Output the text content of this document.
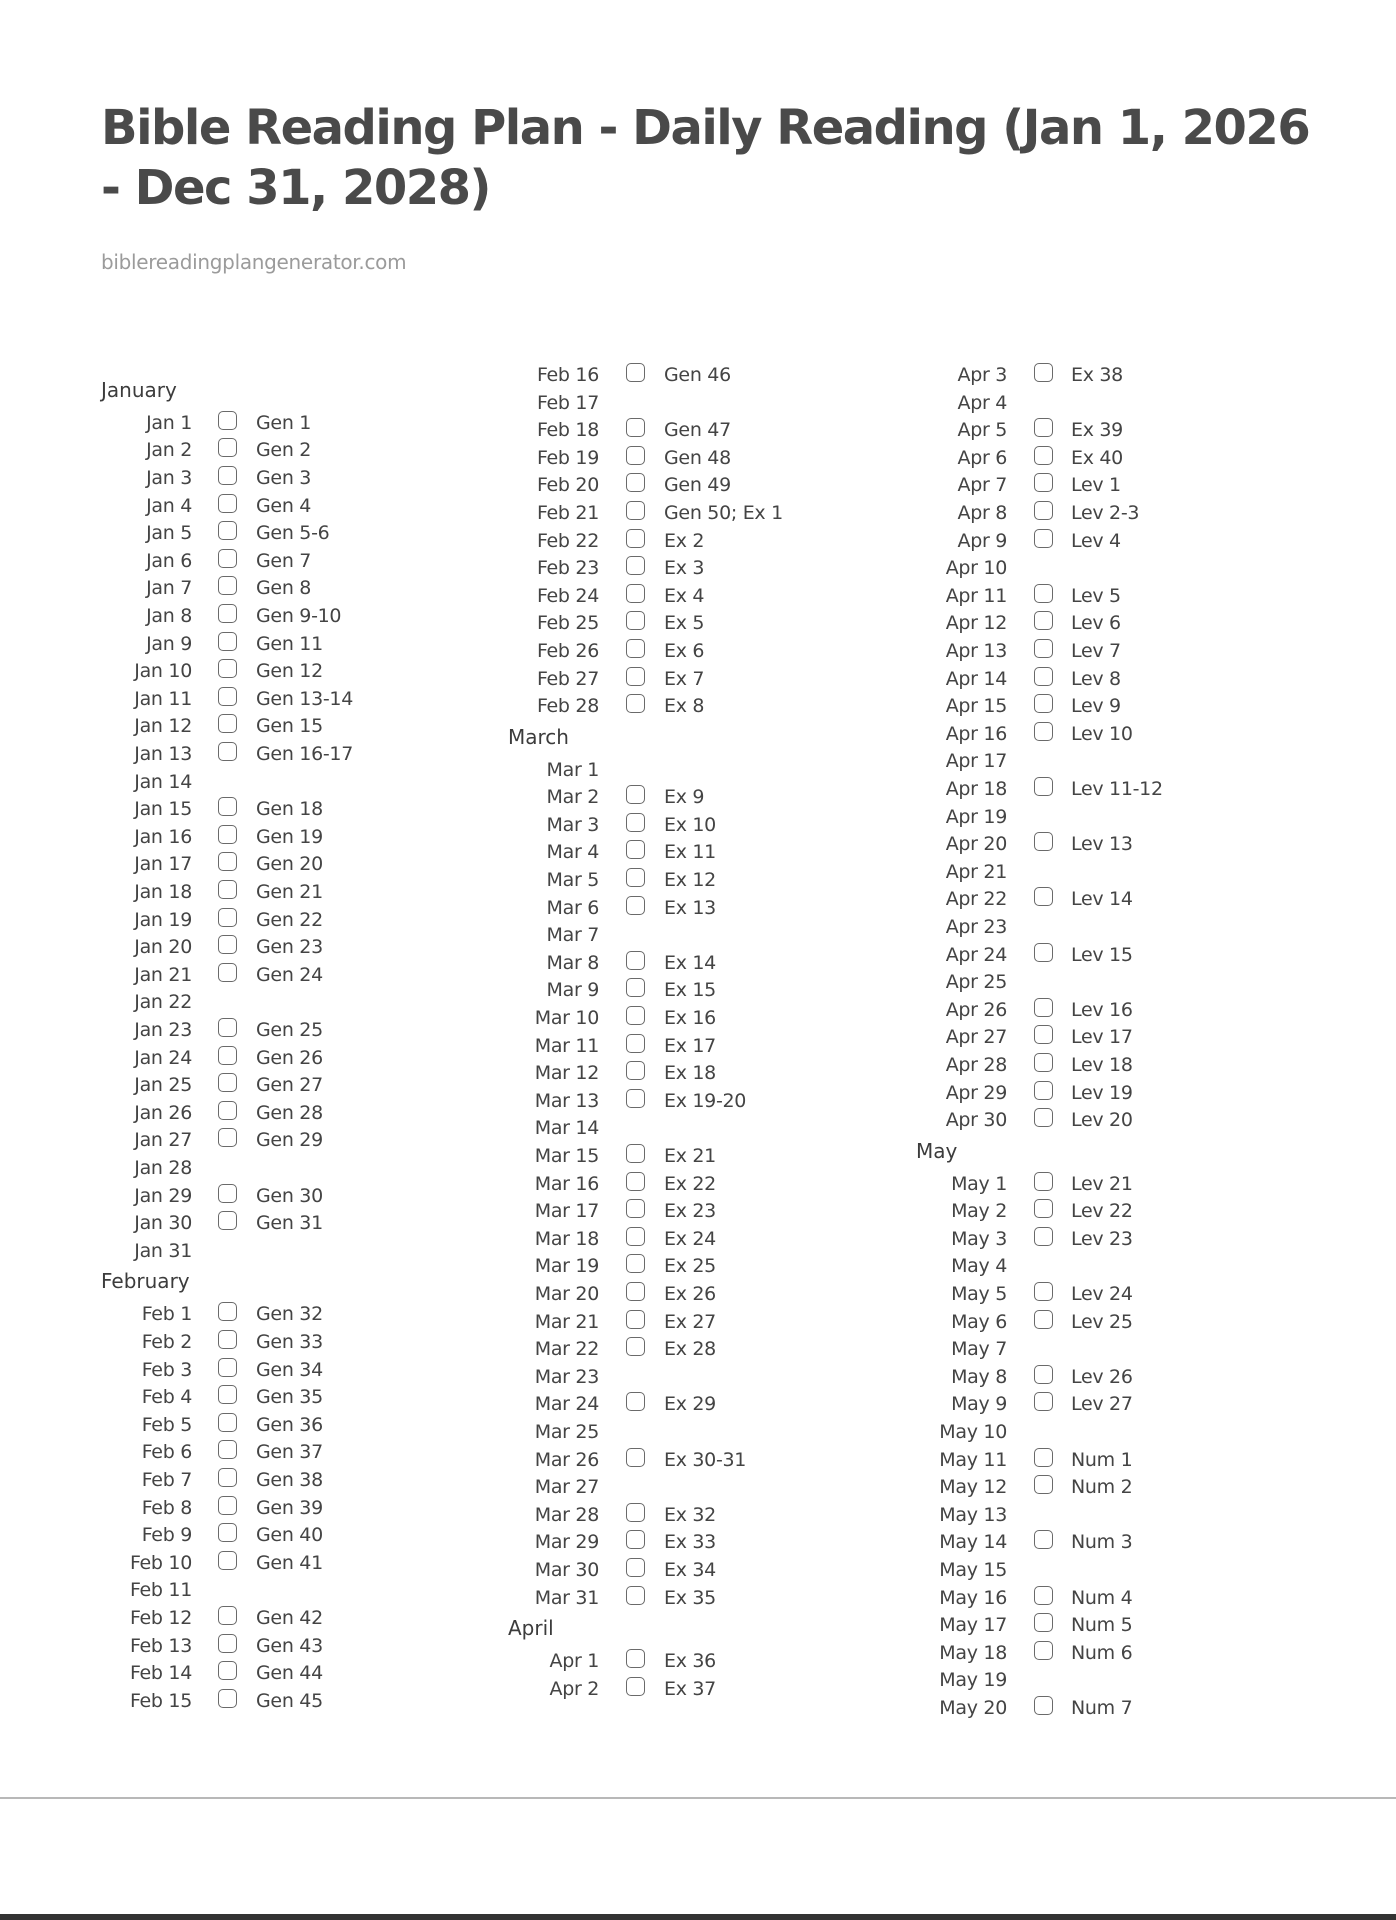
Bible Reading Plan - Daily Reading (Jan 1, 2026 - Dec 31, 2028)
biblereadingplangenerator.com
January
Jan 1	Gen 1
Jan 2	Gen 2
Jan 3	Gen 3
Jan 4	Gen 4
Jan 5	Gen 5-6
Jan 6	Gen 7
Jan 7	Gen 8
Jan 8	Gen 9-10
Jan 9	Gen 11
Jan 10	Gen 12
Jan 11	Gen 13-14
Jan 12	Gen 15
Jan 13	Gen 16-17
Jan 14
Jan 15	Gen 18
Jan 16	Gen 19
Jan 17	Gen 20
Jan 18	Gen 21
Jan 19	Gen 22
Jan 20	Gen 23
Jan 21	Gen 24
Jan 22
Jan 23	Gen 25
Jan 24	Gen 26
Jan 25	Gen 27
Jan 26	Gen 28
Jan 27	Gen 29
Jan 28
Jan 29	Gen 30
Jan 30	Gen 31
Jan 31
February
Feb 1	Gen 32
Feb 2	Gen 33
Feb 3	Gen 34
Feb 4	Gen 35
Feb 5	Gen 36
Feb 6	Gen 37
Feb 7	Gen 38
Feb 8	Gen 39
Feb 9	Gen 40
Feb 10	Gen 41
Feb 11
Feb 12	Gen 42
Feb 13	Gen 43
Feb 14	Gen 44
Feb 15	Gen 45
Feb 16	Gen 46
Feb 17
Feb 18	Gen 47
Feb 19	Gen 48
Feb 20	Gen 49
Feb 21	Gen 50; Ex 1
Feb 22	Ex 2
Feb 23	Ex 3
Feb 24	Ex 4
Feb 25	Ex 5
Feb 26	Ex 6
Feb 27	Ex 7
Feb 28	Ex 8
March
Mar 1
Mar 2	Ex 9
Mar 3	Ex 10
Mar 4	Ex 11
Mar 5	Ex 12
Mar 6	Ex 13
Mar 7
Mar 8	Ex 14
Mar 9	Ex 15
Mar 10	Ex 16
Mar 11	Ex 17
Mar 12	Ex 18
Mar 13	Ex 19-20
Mar 14
Mar 15	Ex 21
Mar 16	Ex 22
Mar 17	Ex 23
Mar 18	Ex 24
Mar 19	Ex 25
Mar 20	Ex 26
Mar 21	Ex 27
Mar 22	Ex 28
Mar 23
Mar 24	Ex 29
Mar 25
Mar 26	Ex 30-31
Mar 27
Mar 28	Ex 32
Mar 29	Ex 33
Mar 30	Ex 34
Mar 31	Ex 35
April
Apr 1	Ex 36
Apr 2	Ex 37
Apr 3	Ex 38
Apr 4
Apr 5	Ex 39
Apr 6	Ex 40
Apr 7	Lev 1
Apr 8	Lev 2-3
Apr 9	Lev 4
Apr 10
Apr 11	Lev 5
Apr 12	Lev 6
Apr 13	Lev 7
Apr 14	Lev 8
Apr 15	Lev 9
Apr 16	Lev 10
Apr 17
Apr 18	Lev 11-12
Apr 19
Apr 20	Lev 13
Apr 21
Apr 22	Lev 14
Apr 23
Apr 24	Lev 15
Apr 25
Apr 26	Lev 16
Apr 27	Lev 17
Apr 28	Lev 18
Apr 29	Lev 19
Apr 30	Lev 20
May
May 1	Lev 21
May 2	Lev 22
May 3	Lev 23
May 4
May 5	Lev 24
May 6	Lev 25
May 7
May 8	Lev 26
May 9	Lev 27
May 10
May 11	Num 1
May 12	Num 2
May 13
May 14	Num 3
May 15
May 16	Num 4
May 17	Num 5
May 18	Num 6
May 19
May 20	Num 7
